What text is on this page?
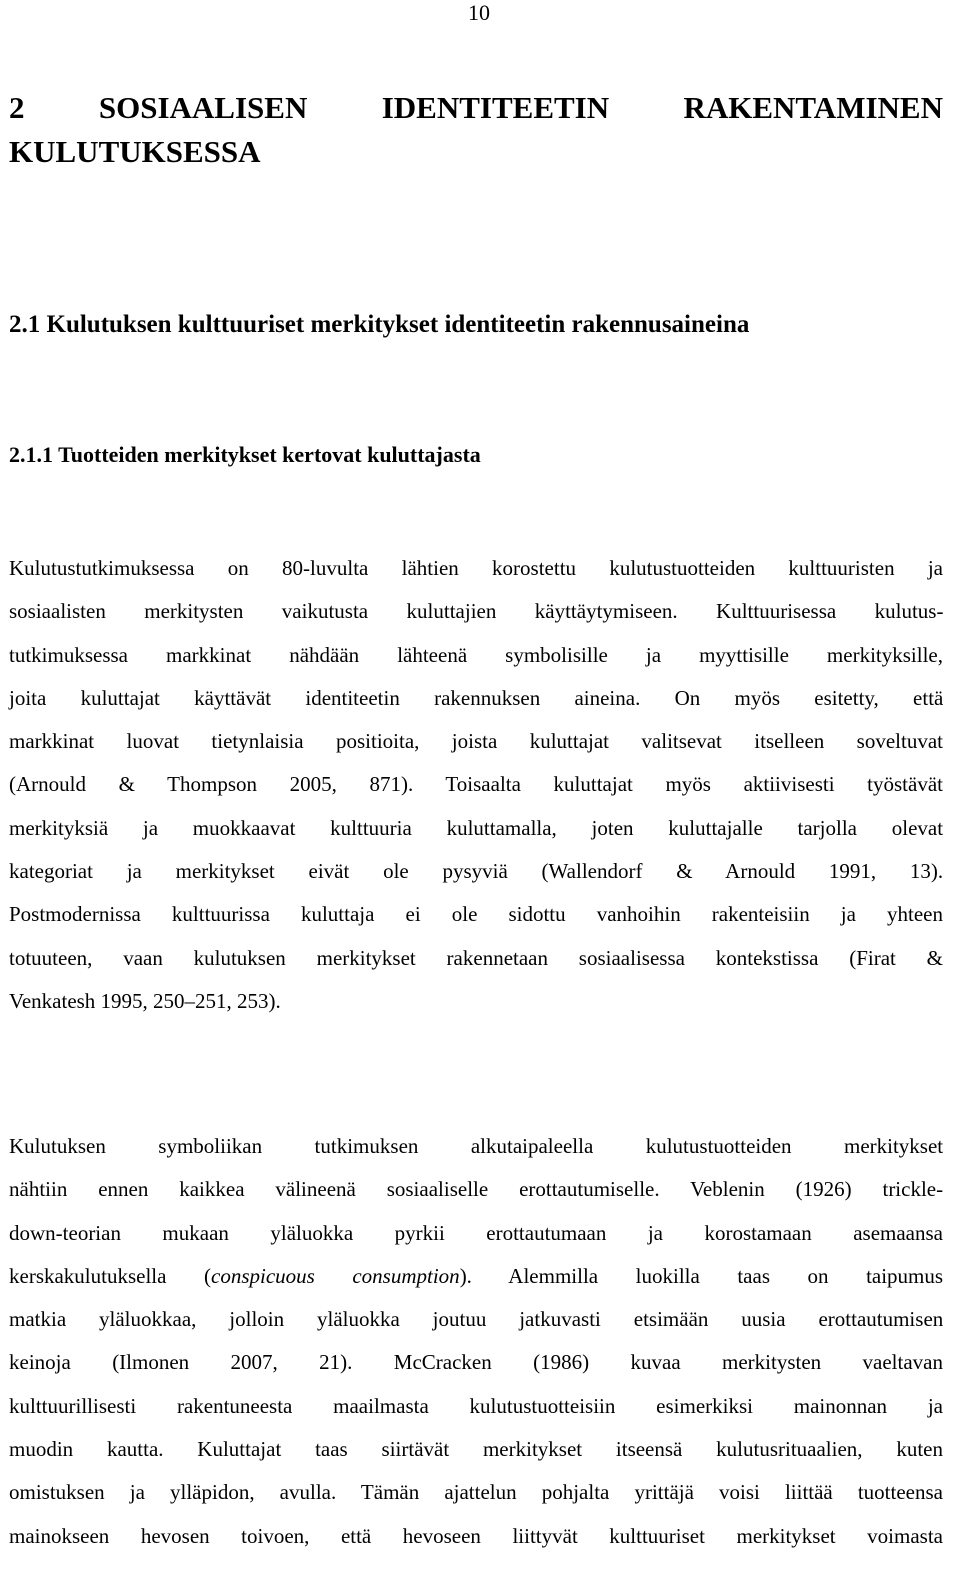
10
2 SOSIAALISEN IDENTITEETIN RAKENTAMINEN
KULUTUKSESSA
2.1 Kulutuksen kulttuuriset merkitykset identiteetin rakennusaineina
2.1.1 Tuotteiden merkitykset kertovat kuluttajasta
Kulutustutkimuksessa on 80-luvulta lähtien korostettu kulutustuotteiden kulttuuristen ja
sosiaalisten merkitysten vaikutusta kuluttajien käyttäytymiseen. Kulttuurisessa kulutus-
tutkimuksessa markkinat nähdään lähteenä symbolisille ja myyttisille merkityksille,
joita kuluttajat käyttävät identiteetin rakennuksen aineina. On myös esitetty, että
markkinat luovat tietynlaisia positioita, joista kuluttajat valitsevat itselleen soveltuvat
(Arnould & Thompson 2005, 871). Toisaalta kuluttajat myös aktiivisesti työstävät
merkityksiä ja muokkaavat kulttuuria kuluttamalla, joten kuluttajalle tarjolla olevat
kategoriat ja merkitykset eivät ole pysyviä (Wallendorf & Arnould 1991, 13).
Postmodernissa kulttuurissa kuluttaja ei ole sidottu vanhoihin rakenteisiin ja yhteen
totuuteen, vaan kulutuksen merkitykset rakennetaan sosiaalisessa kontekstissa (Firat &
Venkatesh 1995, 250–251, 253).
Kulutuksen symboliikan tutkimuksen alkutaipaleella kulutustuotteiden merkitykset
nähtiin ennen kaikkea välineenä sosiaaliselle erottautumiselle. Veblenin (1926) trickle-
down-teorian mukaan yläluokka pyrkii erottautumaan ja korostamaan asemaansa
kerskakulutuksella (conspicuous consumption). Alemmilla luokilla taas on taipumus
matkia yläluokkaa, jolloin yläluokka joutuu jatkuvasti etsimään uusia erottautumisen
keinoja (Ilmonen 2007, 21). McCracken (1986) kuvaa merkitysten vaeltavan
kulttuurillisesti rakentuneesta maailmasta kulutustuotteisiin esimerkiksi mainonnan ja
muodin kautta. Kuluttajat taas siirtävät merkitykset itseensä kulutusrituaalien, kuten
omistuksen ja ylläpidon, avulla. Tämän ajattelun pohjalta yrittäjä voisi liittää tuotteensa
mainokseen hevosen toivoen, että hevoseen liittyvät kulttuuriset merkitykset voimasta
